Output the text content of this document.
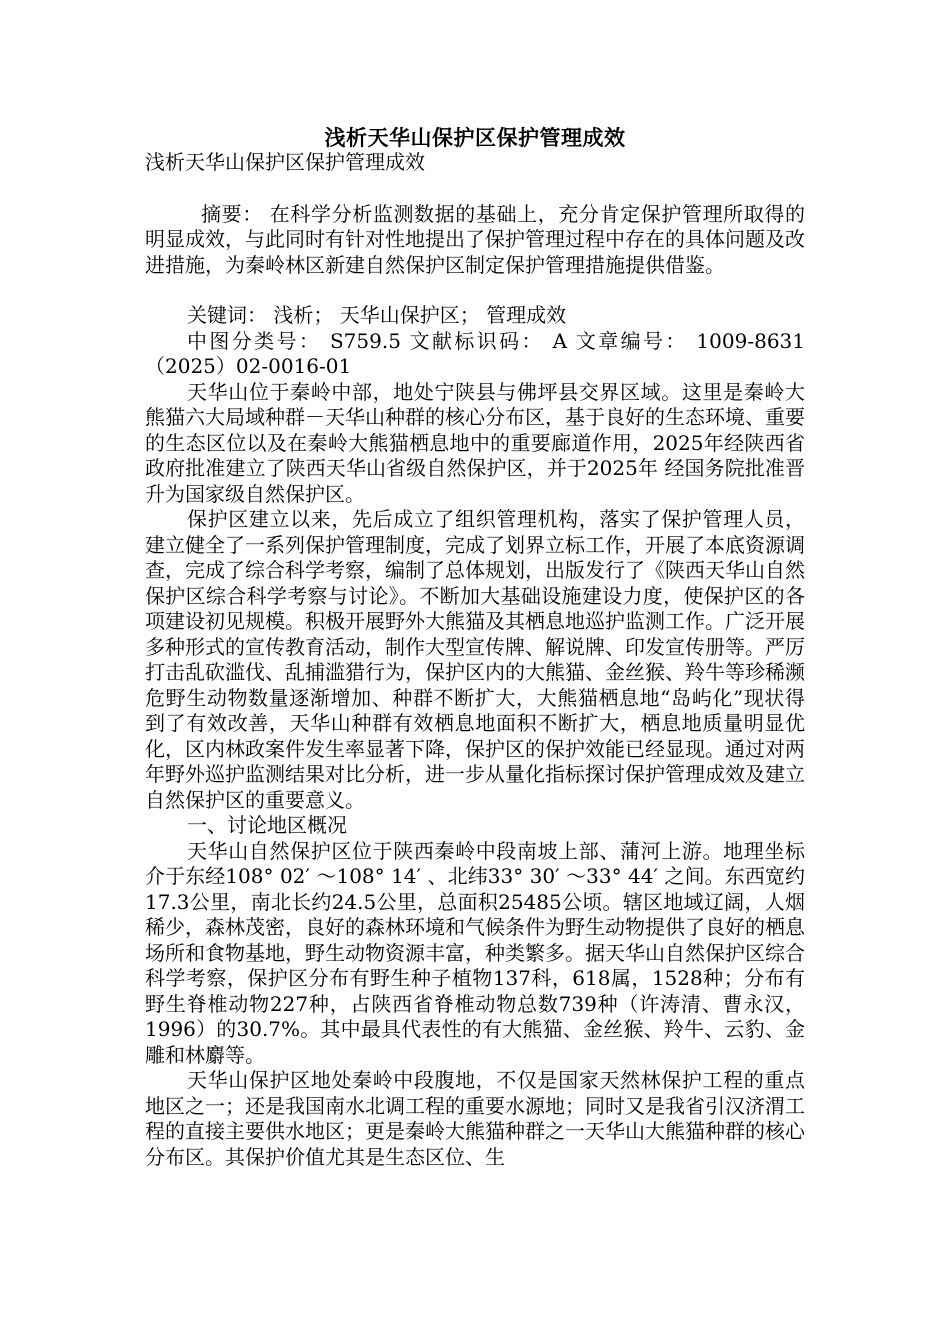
浅析天华山保护区保护管理成效

浅析天华山保护区保护管理成效

摘要： 在科学分析监测数据的基础上，充分肯定保护管理所取得的明显成效，与此同时有针对性地提出了保护管理过程中存在的具体问题及改进措施，为秦岭林区新建自然保护区制定保护管理措施提供借鉴。

关键词： 浅析； 天华山保护区； 管理成效

中图分类号： S759.5 文献标识码： A 文章编号： 1009-8631（2025）02-0016-01

天华山位于秦岭中部，地处宁陕县与佛坪县交界区域。这里是秦岭大熊猫六大局域种群－天华山种群的核心分布区，基于良好的生态环境、重要的生态区位以及在秦岭大熊猫栖息地中的重要廊道作用，2025年经陕西省政府批准建立了陕西天华山省级自然保护区，并于2025年 经国务院批准晋升为国家级自然保护区。

保护区建立以来，先后成立了组织管理机构，落实了保护管理人员，建立健全了一系列保护管理制度，完成了划界立标工作，开展了本底资源调查，完成了综合科学考察，编制了总体规划，出版发行了《陕西天华山自然保护区综合科学考察与讨论》。不断加大基础设施建设力度，使保护区的各项建设初见规模。积极开展野外大熊猫及其栖息地巡护监测工作。广泛开展多种形式的宣传教育活动，制作大型宣传牌、解说牌、印发宣传册等。严厉打击乱砍滥伐、乱捕滥猎行为，保护区内的大熊猫、金丝猴、羚牛等珍稀濒危野生动物数量逐渐增加、种群不断扩大，大熊猫栖息地“岛屿化”现状得到了有效改善，天华山种群有效栖息地面积不断扩大，栖息地质量明显优化，区内林政案件发生率显著下降，保护区的保护效能已经显现。通过对两年野外巡护监测结果对比分析，进一步从量化指标探讨保护管理成效及建立自然保护区的重要意义。

一、讨论地区概况

天华山自然保护区位于陕西秦岭中段南坡上部、蒲河上游。地理坐标介于东经108° 02′ ～108° 14′ 、北纬33° 30′ ～33° 44′ 之间。东西宽约17.3公里，南北长约24.5公里，总面积25485公顷。辖区地域辽阔，人烟稀少，森林茂密，良好的森林环境和气候条件为野生动物提供了良好的栖息场所和食物基地，野生动物资源丰富，种类繁多。据天华山自然保护区综合科学考察，保护区分布有野生种子植物137科，618属，1528种；分布有野生脊椎动物227种，占陕西省脊椎动物总数739种（许涛清、曹永汉，1996）的30.7%。其中最具代表性的有大熊猫、金丝猴、羚牛、云豹、金雕和林麝等。

天华山保护区地处秦岭中段腹地，不仅是国家天然林保护工程的重点地区之一；还是我国南水北调工程的重要水源地；同时又是我省引汉济渭工程的直接主要供水地区；更是秦岭大熊猫种群之一天华山大熊猫种群的核心分布区。其保护价值尤其是生态区位、生
